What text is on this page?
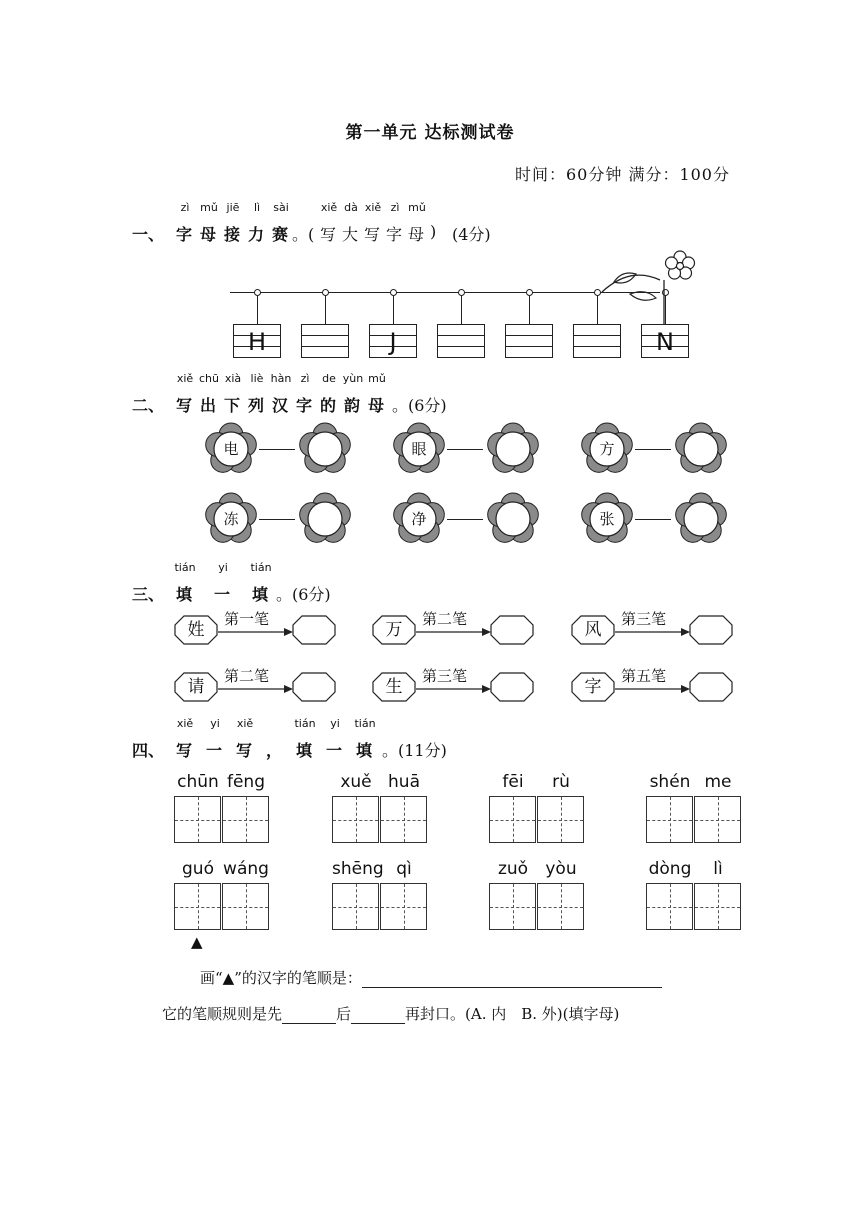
第一单元 达标测试卷
时间：60分钟 满分：100分
一、 字
zì
母
mǔ
接
jiē
力
lì
赛
sài
。( 写
xiě
大
dà
写
xiě
字
zì
母
mǔ
) (4分)
H	J	N
二、 写
xiě
出
chū
下
xià
列
liè
汉
hàn
字
zì
的
de
韵
yùn
母
mǔ
。(6分)
电	眼	方
冻	净	张
三、 填
tián
一
yi
填
tián
。(6分)
姓
第一笔
万
第二笔
风
第三笔
请
第二笔
生
第三笔
字
第五笔
四、 写
xiě
一
yi
写
xiě
， 填
tián
一
yi
填
tián
。(11分)
chūn fēng	xuě huā	fēi	rù	shén me
guó wáng	shēng qì	zuǒ	yòu	dòng	lì
▲
画“▲”的汉字的笔顺是：
它的笔顺规则是先	后	再封口。(A. 内　B. 外)(填字母)
